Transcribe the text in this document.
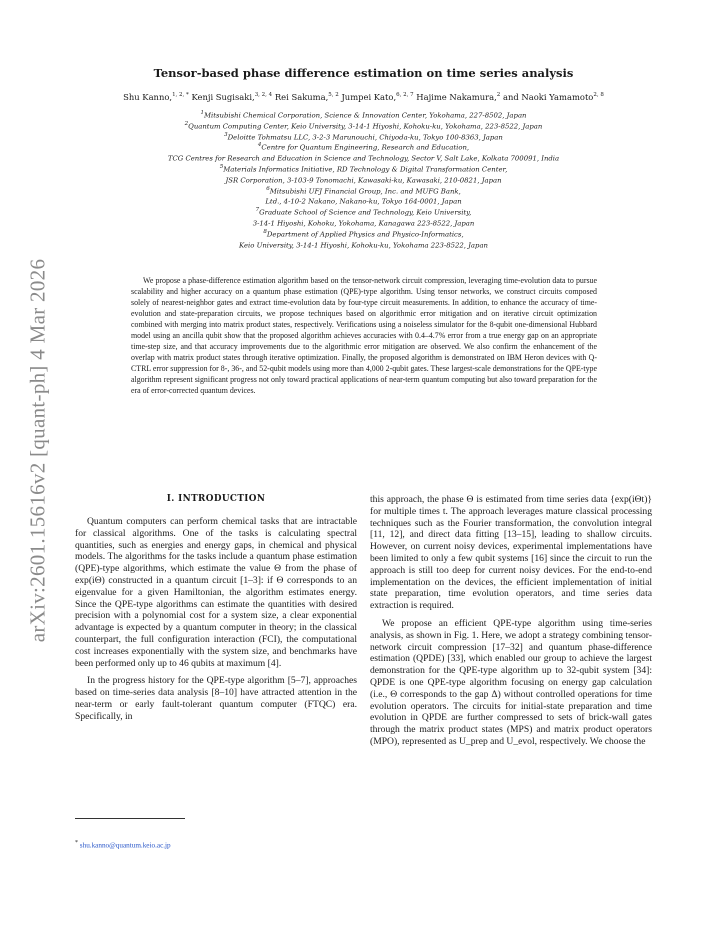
arXiv:2601.15616v2 [quant-ph] 4 Mar 2026
Tensor-based phase difference estimation on time series analysis
Shu Kanno,$^{1, 2, *}$ Kenji Sugisaki,$^{3, 2, 4}$ Rei Sakuma,$^{5, 2}$ Jumpei Kato,$^{6, 2, 7}$ Hajime Nakamura,$^2$ and Naoki Yamamoto$^{2, 8}$
$^1$Mitsubishi Chemical Corporation, Science & Innovation Center, Yokohama, 227-8502, Japan
$^2$Quantum Computing Center, Keio University, 3-14-1 Hiyoshi, Kohoku-ku, Yokohama, 223-8522, Japan
$^3$Deloitte Tohmatsu LLC, 3-2-3 Marunouchi, Chiyoda-ku, Tokyo 100-8363, Japan
$^4$Centre for Quantum Engineering, Research and Education,
TCG Centres for Research and Education in Science and Technology, Sector V, Salt Lake, Kolkata 700091, India
$^5$Materials Informatics Initiative, RD Technology & Digital Transformation Center,
JSR Corporation, 3-103-9 Tonomachi, Kawasaki-ku, Kawasaki, 210-0821, Japan
$^6$Mitsubishi UFJ Financial Group, Inc. and MUFG Bank,
Ltd., 4-10-2 Nakano, Nakano-ku, Tokyo 164-0001, Japan
$^7$Graduate School of Science and Technology, Keio University,
3-14-1 Hiyoshi, Kohoku, Yokohama, Kanagawa 223-8522, Japan
$^8$Department of Applied Physics and Physico-Informatics,
Keio University, 3-14-1 Hiyoshi, Kohoku-ku, Yokohama 223-8522, Japan

We propose a phase-difference estimation algorithm based on the tensor-network circuit compression, leveraging time-evolution data to pursue scalability and higher accuracy on a quantum phase estimation (QPE)-type algorithm. Using tensor networks, we construct circuits composed solely of nearest-neighbor gates and extract time-evolution data by four-type circuit measurements. In addition, to enhance the accuracy of time-evolution and state-preparation circuits, we propose techniques based on algorithmic error mitigation and on iterative circuit optimization combined with merging into matrix product states, respectively. Verifications using a noiseless simulator for the 8-qubit one-dimensional Hubbard model using an ancilla qubit show that the proposed algorithm achieves accuracies with 0.4–4.7% error from a true energy gap on an appropriate time-step size, and that accuracy improvements due to the algorithmic error mitigation are observed. We also confirm the enhancement of the overlap with matrix product states through iterative optimization. Finally, the proposed algorithm is demonstrated on IBM Heron devices with Q-CTRL error suppression for 8-, 36-, and 52-qubit models using more than 4,000 2-qubit gates. These largest-scale demonstrations for the QPE-type algorithm represent significant progress not only toward practical applications of near-term quantum computing but also toward preparation for the era of error-corrected quantum devices.

I. INTRODUCTION

Quantum computers can perform chemical tasks that are intractable for classical algorithms. One of the tasks is calculating spectral quantities, such as energies and energy gaps, in chemical and physical models. The algorithms for the tasks include a quantum phase estimation (QPE)-type algorithms, which estimate the value Θ from the phase of exp(iΘ) constructed in a quantum circuit [1–3]: if Θ corresponds to an eigenvalue for a given Hamiltonian, the algorithm estimates energy. Since the QPE-type algorithms can estimate the quantities with desired precision with a polynomial cost for a system size, a clear exponential advantage is expected by a quantum computer in theory; in the classical counterpart, the full configuration interaction (FCI), the computational cost increases exponentially with the system size, and benchmarks have been performed only up to 46 qubits at maximum [4].

In the progress history for the QPE-type algorithm [5–7], approaches based on time-series data analysis [8–10] have attracted attention in the near-term or early fault-tolerant quantum computer (FTQC) era. Specifically, in

this approach, the phase Θ is estimated from time series data {exp(iΘt)} for multiple times t. The approach leverages mature classical processing techniques such as the Fourier transformation, the convolution integral [11, 12], and direct data fitting [13–15], leading to shallow circuits. However, on current noisy devices, experimental implementations have been limited to only a few qubit systems [16] since the circuit to run the approach is still too deep for current noisy devices. For the end-to-end implementation on the devices, the efficient implementation of initial state preparation, time evolution operators, and time series data extraction is required.

We propose an efficient QPE-type algorithm using time-series analysis, as shown in Fig. 1. Here, we adopt a strategy combining tensor-network circuit compression [17–32] and quantum phase-difference estimation (QPDE) [33], which enabled our group to achieve the largest demonstration for the QPE-type algorithm up to 32-qubit system [34]: QPDE is one QPE-type algorithm focusing on energy gap calculation (i.e., Θ corresponds to the gap Δ) without controlled operations for time evolution operators. The circuits for initial-state preparation and time evolution in QPDE are further compressed to sets of brick-wall gates through the matrix product states (MPS) and matrix product operators (MPO), represented as U_prep and U_evol, respectively. We choose the

* shu.kanno@quantum.keio.ac.jp
